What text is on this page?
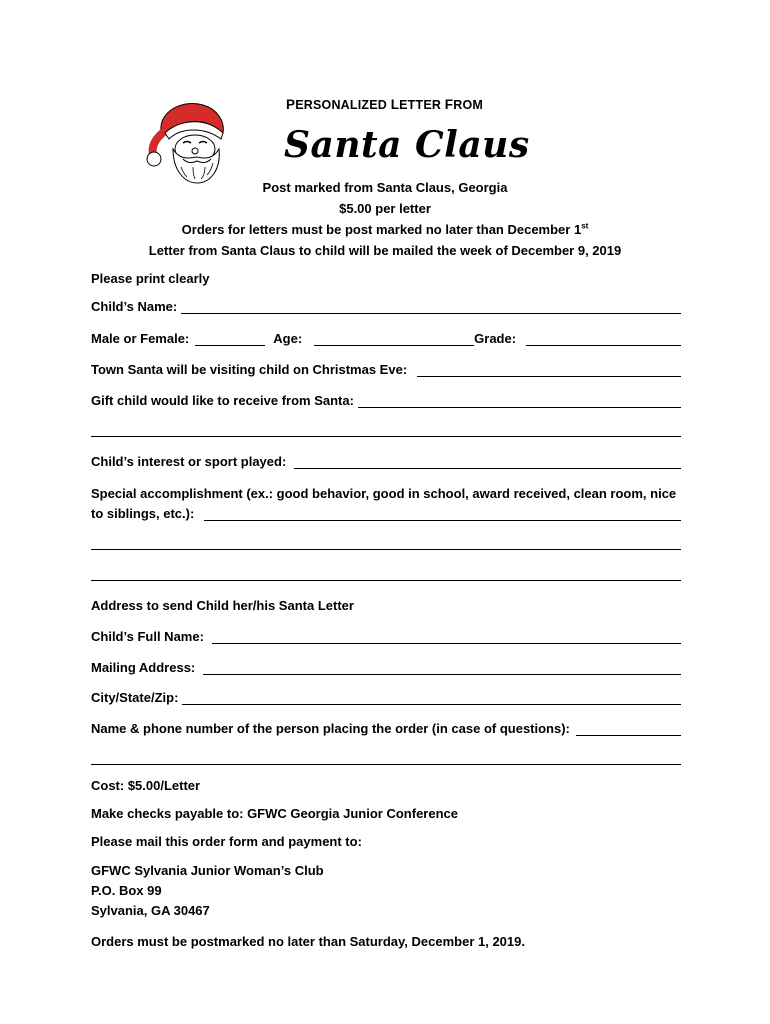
PERSONALIZED LETTER FROM
Santa Claus
Post marked from Santa Claus, Georgia
$5.00 per letter
Orders for letters must be post marked no later than December 1st
Letter from Santa Claus to child will be mailed the week of December 9, 2019
Please print clearly
Child’s Name:
Male or Female:	Age:	Grade:
Town Santa will be visiting child on Christmas Eve:
Gift child would like to receive from Santa:
Child’s interest or sport played:
Special accomplishment (ex.: good behavior, good in school, award received, clean room, nice
to siblings, etc.):
Address to send Child her/his Santa Letter
Child’s Full Name:
Mailing Address:
City/State/Zip:
Name & phone number of the person placing the order (in case of questions):
Cost: $5.00/Letter
Make checks payable to: GFWC Georgia Junior Conference
Please mail this order form and payment to:
GFWC Sylvania Junior Woman’s Club
P.O. Box 99
Sylvania, GA 30467
Orders must be postmarked no later than Saturday, December 1, 2019.
